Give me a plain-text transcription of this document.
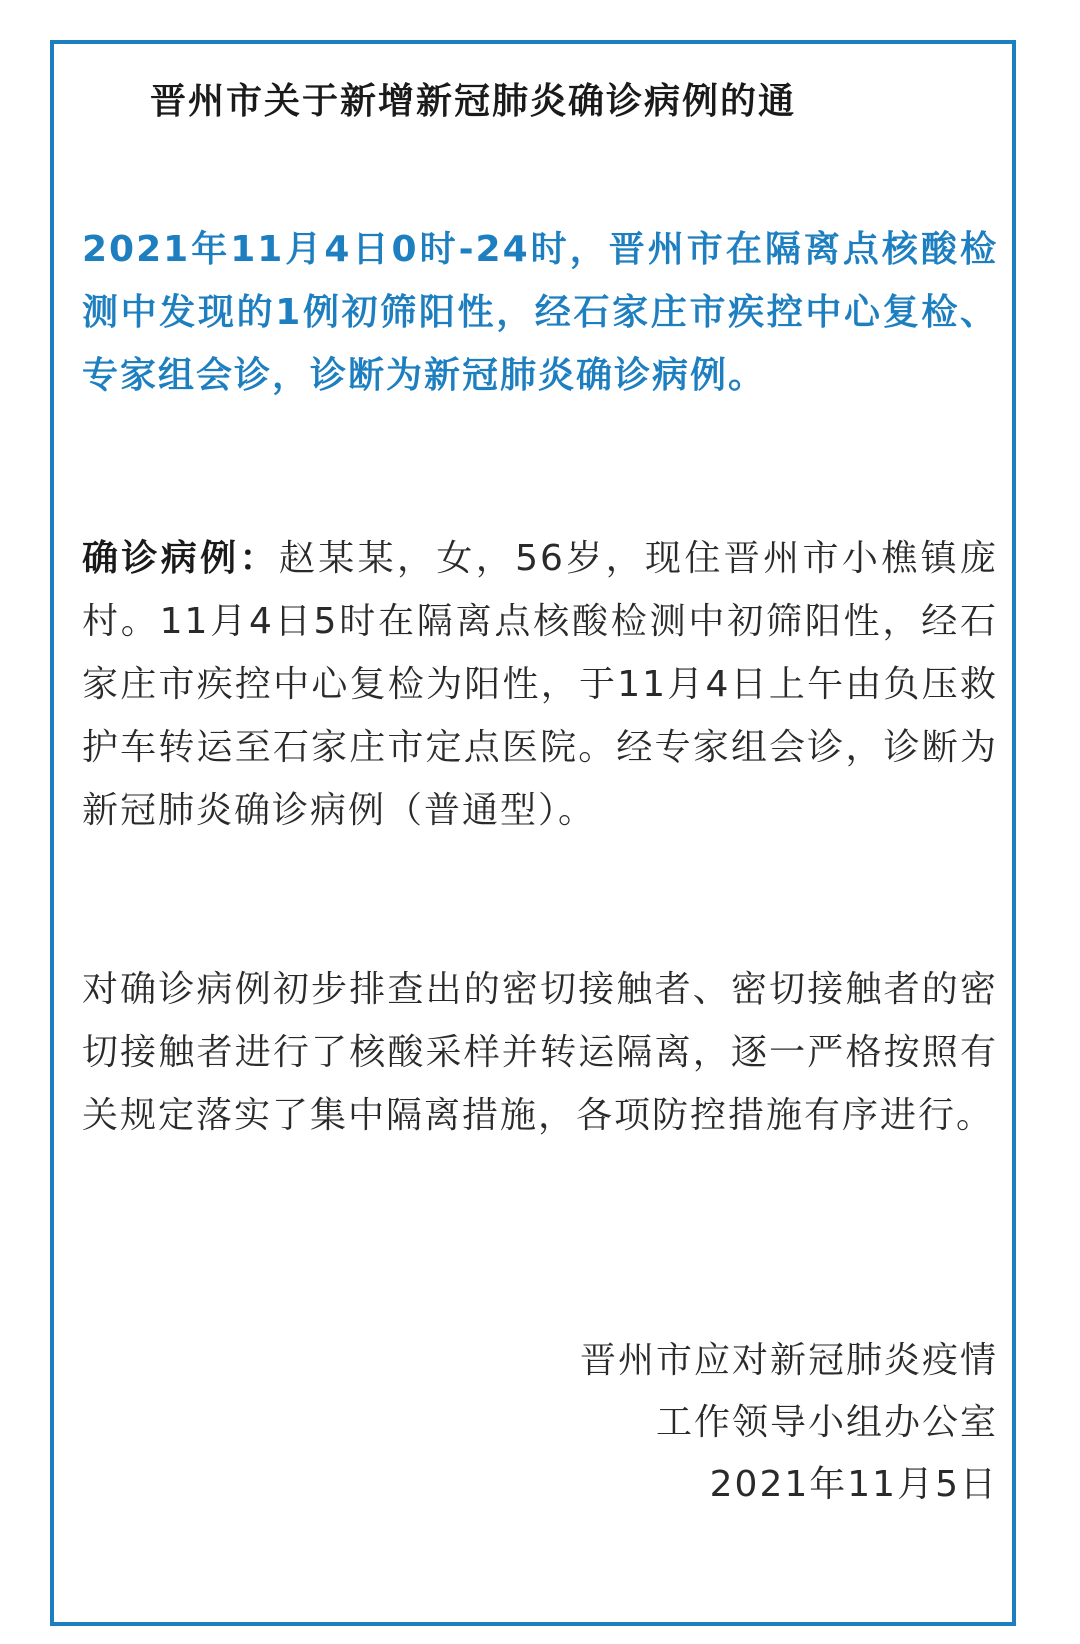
晋州市关于新增新冠肺炎确诊病例的通
2021年11月4日0时-24时，晋州市在隔离点核酸检测中发现的1例初筛阳性，经石家庄市疾控中心复检、专家组会诊，诊断为新冠肺炎确诊病例。
确诊病例：赵某某，女，56岁，现住晋州市小樵镇庞村。11月4日5时在隔离点核酸检测中初筛阳性，经石家庄市疾控中心复检为阳性，于11月4日上午由负压救护车转运至石家庄市定点医院。经专家组会诊，诊断为新冠肺炎确诊病例（普通型）。
对确诊病例初步排查出的密切接触者、密切接触者的密切接触者进行了核酸采样并转运隔离，逐一严格按照有关规定落实了集中隔离措施，各项防控措施有序进行。
晋州市应对新冠肺炎疫情
工作领导小组办公室
2021年11月5日
